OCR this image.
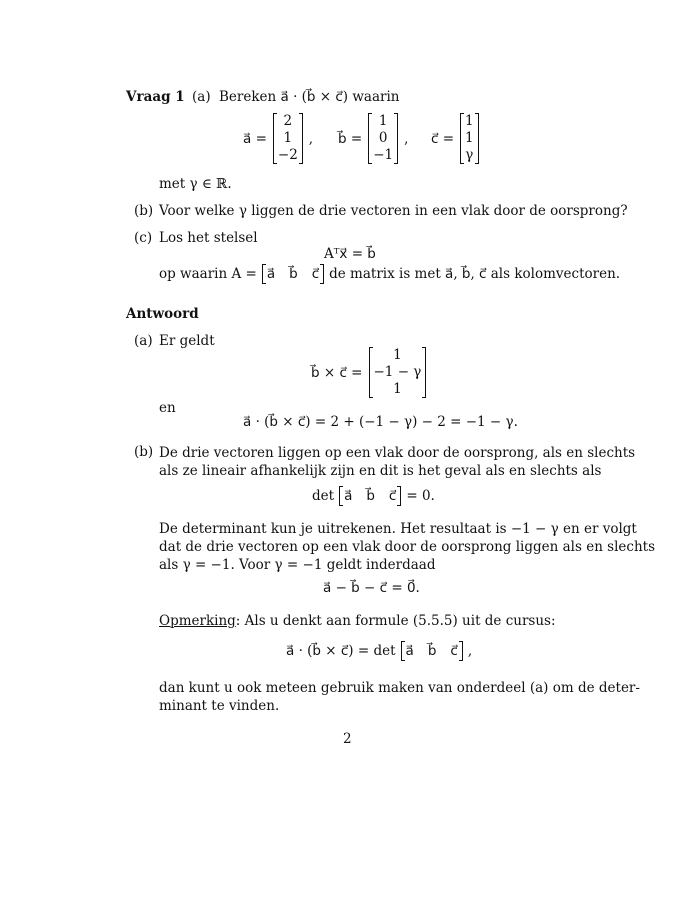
Vraag 1 (a) Bereken a⃗ · (b⃗ × c⃗) waarin
a⃗ =
2
1
−2
, b⃗ =
1
0
−1
, c⃗ =
1
1
γ
met γ ∈ ℝ.
(b) Voor welke γ liggen de drie vectoren in een vlak door de oorsprong?
(c) Los het stelsel
Aᵀx⃗ = b⃗
op waarin A = a⃗ b⃗ c⃗ de matrix is met a⃗, b⃗, c⃗ als kolomvectoren.
Antwoord
(a) Er geldt
b⃗ × c⃗ =
1
−1 − γ
1
en
a⃗ · (b⃗ × c⃗) = 2 + (−1 − γ) − 2 = −1 − γ.
(b) De drie vectoren liggen op een vlak door de oorsprong, als en slechts
als ze lineair afhankelijk zijn en dit is het geval als en slechts als
det a⃗ b⃗ c⃗ = 0.
De determinant kun je uitrekenen. Het resultaat is −1 − γ en er volgt
dat de drie vectoren op een vlak door de oorsprong liggen als en slechts
als γ = −1. Voor γ = −1 geldt inderdaad
a⃗ − b⃗ − c⃗ = 0⃗.
Opmerking: Als u denkt aan formule (5.5.5) uit de cursus:
a⃗ · (b⃗ × c⃗) = det a⃗ b⃗ c⃗ ,
dan kunt u ook meteen gebruik maken van onderdeel (a) om de deter-
minant te vinden.
2
